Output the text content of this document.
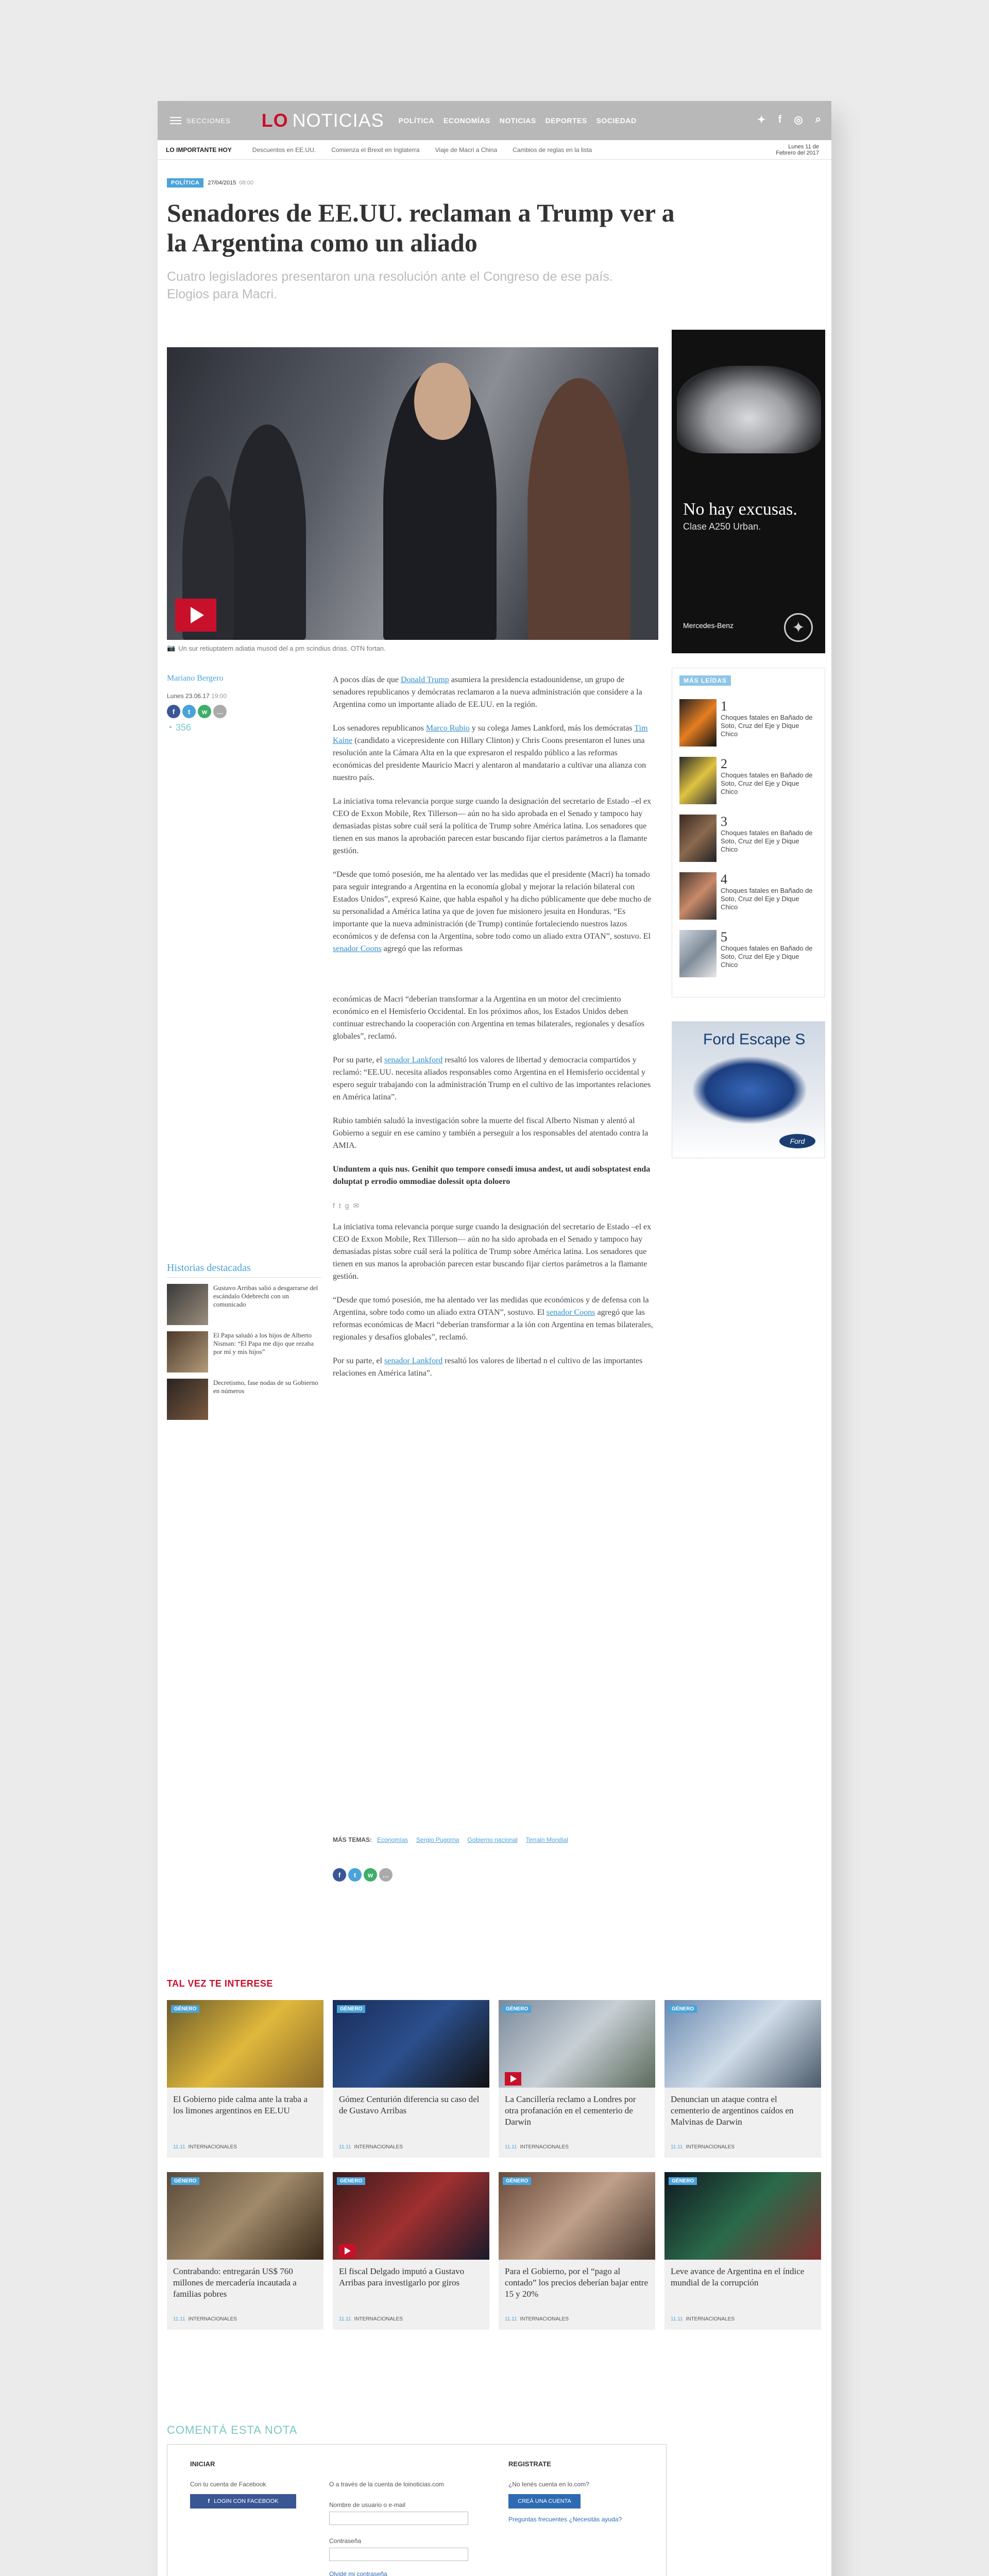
SECCIONES LO NOTICIAS POLÍTICA ECONOMÍAS NOTICIAS DEPORTES SOCIEDAD	✦ f ◎ ⌕
LO IMPORTANTE HOY	Descuentos en EE.UU.	Comienza el Brexit en Inglaterra	Viaje de Macri a China	Cambios de reglas en la lista	Lunes 11 de
Febrero del 2017
POLÍTICA	27/04/2015 08:00
Senadores de EE.UU. reclaman a Trump ver a la Argentina como un aliado
Cuatro legisladores presentaron una resolución ante el Congreso de ese país. Elogios para Macri.
📷 Un sur retiuptatem adiatia musod del a pm scindius drias. OTN fortan.
No hay excusas.
Clase A250 Urban.
Mercedes-Benz	✦
Mariano Bergero
Lunes 23.06.17 19:00
f	t	w	…
◔ 356

A pocos días de que Donald Trump asumiera la presidencia estadounidense, un grupo de senadores republicanos y demócratas reclamaron a la nueva administración que considere a la Argentina como un importante aliado de EE.UU. en la región.

Los senadores republicanos Marco Rubio y su colega James Lankford, más los demócratas Tim Kaine (candidato a vicepresidente con Hillary Clinton) y Chris Coons presentaron el lunes una resolución ante la Cámara Alta en la que expresaron el respaldo público a las reformas económicas del presidente Mauricio Macri y alentaron al mandatario a cultivar una alianza con nuestro país.

La iniciativa toma relevancia porque surge cuando la designación del secretario de Estado –el ex CEO de Exxon Mobile, Rex Tillerson— aún no ha sido aprobada en el Senado y tampoco hay demasiadas pistas sobre cuál será la política de Trump sobre América latina. Los senadores que tienen en sus manos la aprobación parecen estar buscando fijar ciertos parámetros a la flamante gestión.

“Desde que tomó posesión, me ha alentado ver las medidas que el presidente (Macri) ha tomado para seguir integrando a Argentina en la economía global y mejorar la relación bilateral con Estados Unidos”, expresó Kaine, que habla español y ha dicho públicamente que debe mucho de su personalidad a América latina ya que de joven fue misionero jesuita en Honduras. “Es importante que la nueva administración (de Trump) continúe fortaleciendo nuestros lazos económicos y de defensa con la Argentina, sobre todo como un aliado extra OTAN”, sostuvo. El senador Coons agregó que las reformas

económicas de Macri “deberían transformar a la Argentina en un motor del crecimiento económico en el Hemisferio Occidental. En los próximos años, los Estados Unidos deben continuar estrechando la cooperación con Argentina en temas bilaterales, regionales y desafíos globales”, reclamó.

Por su parte, el senador Lankford resaltó los valores de libertad y democracia compartidos y reclamó: “EE.UU. necesita aliados responsables como Argentina en el Hemisferio occidental y espero seguir trabajando con la administración Trump en el cultivo de las importantes relaciones en América latina”.

Rubio también saludó la investigación sobre la muerte del fiscal Alberto Nisman y alentó al Gobierno a seguir en ese camino y también a perseguir a los responsables del atentado contra la AMIA.

Unduntem a quis nus. Genihit quo tempore consedi imusa andest, ut audi sobsptatest enda doluptat p errodio ommodiae dolessit opta doloero

f t g ✉

La iniciativa toma relevancia porque surge cuando la designación del secretario de Estado –el ex CEO de Exxon Mobile, Rex Tillerson— aún no ha sido aprobada en el Senado y tampoco hay demasiadas pistas sobre cuál será la política de Trump sobre América latina. Los senadores que tienen en sus manos la aprobación parecen estar buscando fijar ciertos parámetros a la flamante gestión.

“Desde que tomó posesión, me ha alentado ver las medidas que económicos y de defensa con la Argentina, sobre todo como un aliado extra OTAN”, sostuvo. El senador Coons agregó que las reformas económicas de Macri “deberían transformar a la ión con Argentina en temas bilaterales, regionales y desafíos globales”, reclamó.

Por su parte, el senador Lankford resaltó los valores de libertad n el cultivo de las importantes relaciones en América latina”.

MÁS LEÍDAS
1
Choques fatales en Bañado de Soto, Cruz del Eje y Dique Chico
2
Choques fatales en Bañado de Soto, Cruz del Eje y Dique Chico
3
Choques fatales en Bañado de Soto, Cruz del Eje y Dique Chico
4
Choques fatales en Bañado de Soto, Cruz del Eje y Dique Chico
5
Choques fatales en Bañado de Soto, Cruz del Eje y Dique Chico
Ford Escape S
Ford
Historias destacadas
Gustavo Arribas salió a desgarrarse del escándalo Odebrecht con un comunicado
El Papa saludó a los hijos de Alberto Nisman: “El Papa me dijo que rezaba por mí y mis hijos”
Decretismo, fase nodas de su Gobierno en números
MÁS TEMAS: Economías Sergio Pugorna Gobierno nacional Terrain Mondial
f	t	w	…
TAL VEZ TE INTERESE
GÉNERO
El Gobierno pide calma ante la traba a los limones argentinos en EE.UU
11.11 INTERNACIONALES
GÉNERO
Gómez Centurión diferencia su caso del de Gustavo Arribas
11.11 INTERNACIONALES
GÉNERO
La Cancillería reclamo a Londres por otra profanación en el cementerio de Darwin
11.11 INTERNACIONALES
GÉNERO
Denuncian un ataque contra el cementerio de argentinos caídos en Malvinas de Darwin
11.11 INTERNACIONALES
GÉNERO
Contrabando: entregarán US$ 760 millones de mercadería incautada a familias pobres
11.11 INTERNACIONALES
GÉNERO
El fiscal Delgado imputó a Gustavo Arribas para investigarlo por giros
11.11 INTERNACIONALES
GÉNERO
Para el Gobierno, por el “pago al contado” los precios deberían bajar entre 15 y 20%
11.11 INTERNACIONALES
GÉNERO
Leve avance de Argentina en el índice mundial de la corrupción
11.11 INTERNACIONALES
COMENTÁ ESTA NOTA
INICIAR
Con tu cuenta de Facebook
f LOGIN CON FACEBOOK
O a través de la cuenta de loinoticias.com
Nombre de usuario o e-mail
Contraseña
Olvidé mi contraseña
REGISTRATE
¿No tenés cuenta en lo.com?
CREÁ UNA CUENTA
Preguntas frecuentes ¿Necesitás ayuda?
